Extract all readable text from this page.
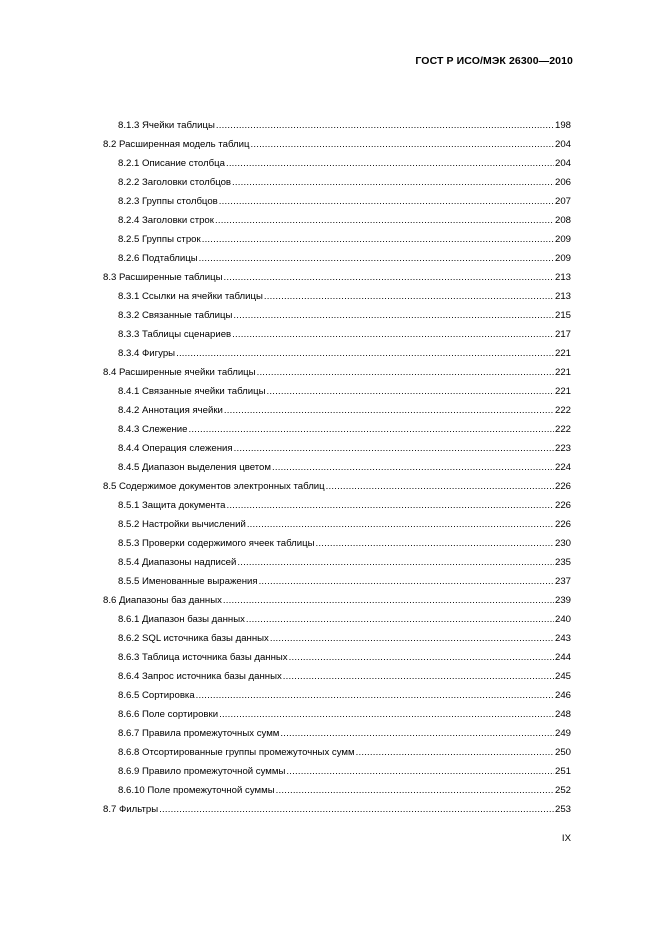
ГОСТ Р ИСО/МЭК 26300—2010
8.1.3 Ячейки таблицы .....	198
8.2 Расширенная модель таблиц .....	204
8.2.1 Описание столбца .....	204
8.2.2 Заголовки столбцов .....	206
8.2.3 Группы столбцов .....	207
8.2.4 Заголовки строк .....	208
8.2.5 Группы строк .....	209
8.2.6 Подтаблицы .....	209
8.3 Расширенные таблицы .....	213
8.3.1 Ссылки на ячейки таблицы .....	213
8.3.2 Связанные таблицы .....	215
8.3.3 Таблицы сценариев .....	217
8.3.4 Фигуры .....	221
8.4 Расширенные ячейки таблицы .....	221
8.4.1 Связанные ячейки таблицы .....	221
8.4.2 Аннотация ячейки .....	222
8.4.3 Слежение .....	222
8.4.4 Операция слежения .....	223
8.4.5 Диапазон выделения цветом .....	224
8.5 Содержимое документов электронных таблиц .....	226
8.5.1 Защита документа .....	226
8.5.2 Настройки вычислений .....	226
8.5.3 Проверки содержимого ячеек таблицы .....	230
8.5.4 Диапазоны надписей .....	235
8.5.5 Именованные выражения .....	237
8.6 Диапазоны баз данных .....	239
8.6.1 Диапазон базы данных .....	240
8.6.2 SQL источника базы данных .....	243
8.6.3 Таблица источника базы данных .....	244
8.6.4 Запрос источника базы данных .....	245
8.6.5 Сортировка .....	246
8.6.6 Поле сортировки .....	248
8.6.7 Правила промежуточных сумм .....	249
8.6.8 Отсортированные группы промежуточных сумм .....	250
8.6.9 Правило промежуточной суммы .....	251
8.6.10 Поле промежуточной суммы .....	252
8.7 Фильтры .....	253
IX
